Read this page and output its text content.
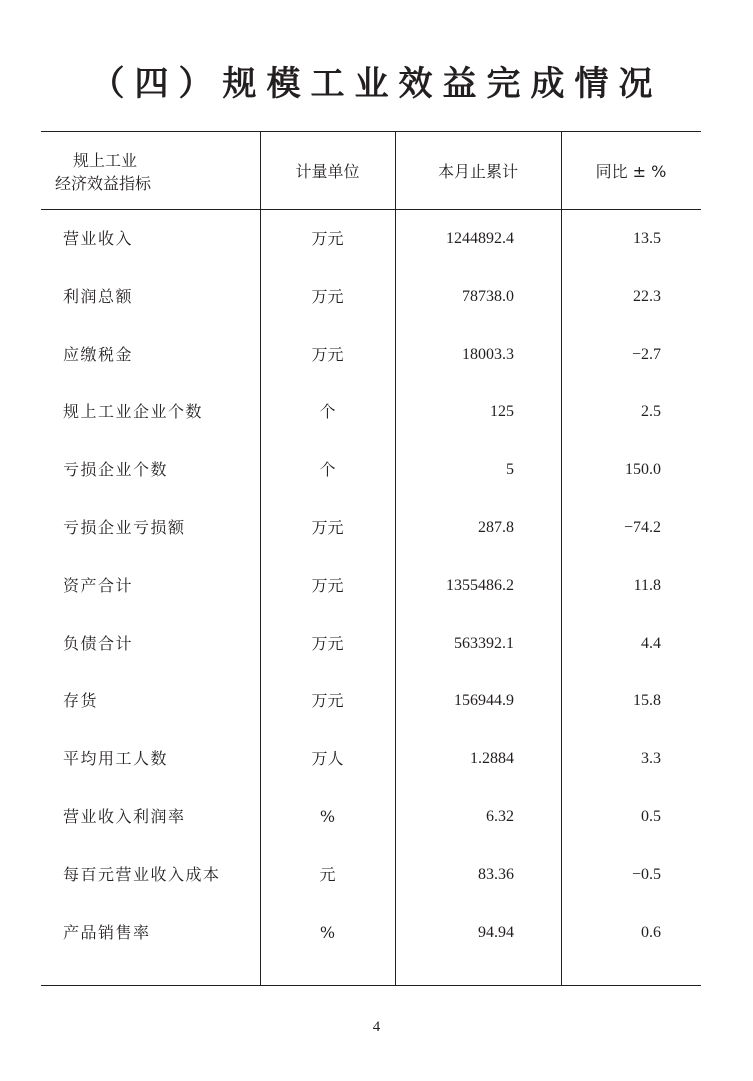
（四）规模工业效益完成情况
规上工业
经济效益指标
计量单位	本月止累计	同比 ± %
营业收入	万元	1244892.4	13.5
利润总额	万元	78738.0	22.3
应缴税金	万元	18003.3	−2.7
规上工业企业个数	个	125	2.5
亏损企业个数	个	5	150.0
亏损企业亏损额	万元	287.8	−74.2
资产合计	万元	1355486.2	11.8
负债合计	万元	563392.1	4.4
存货	万元	156944.9	15.8
平均用工人数	万人	1.2884	3.3
营业收入利润率	%	6.32	0.5
每百元营业收入成本	元	83.36	−0.5
产品销售率	%	94.94	0.6
4
